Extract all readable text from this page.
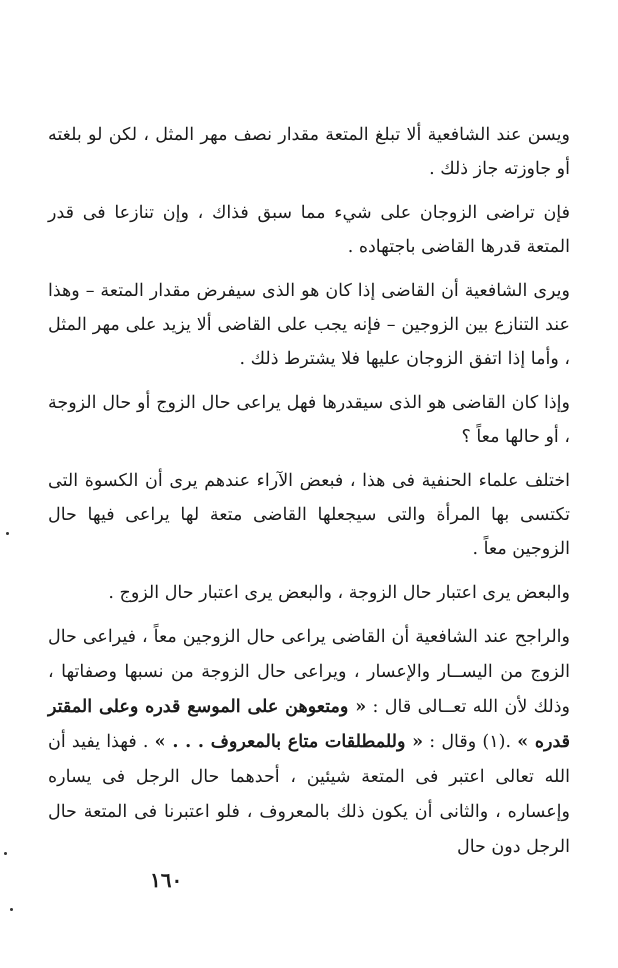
ويسن عند الشافعية ألا تبلغ المتعة مقدار نصف مهر المثل ، لكن لو بلغته أو جاوزته جاز ذلك .

فإن تراضى الزوجان على شيء مما سبق فذاك ، وإن تنازعا فى قدر المتعة قدرها القاضى باجتهاده .

ويرى الشافعية أن القاضى إذا كان هو الذى سيفرض مقدار المتعة – وهذا عند التنازع بين الزوجين – فإنه يجب على القاضى ألا يزيد على مهر المثل ، وأما إذا اتفق الزوجان عليها فلا يشترط ذلك .

وإذا كان القاضى هو الذى سيقدرها فهل يراعى حال الزوج أو حال الزوجة ، أو حالها معاً ؟

اختلف علماء الحنفية فى هذا ، فبعض الآراء عندهم يرى أن الكسوة التى تكتسى بها المرأة والتى سيجعلها القاضى متعة لها يراعى فيها حال الزوجين معاً .

والبعض يرى اعتبار حال الزوجة ، والبعض يرى اعتبار حال الزوج .

والراجح عند الشافعية أن القاضى يراعى حال الزوجين معاً ، فيراعى حال الزوج من اليســار والإعسار ، ويراعى حال الزوجة من نسبها وصفاتها ، وذلك لأن الله تعــالى قال : « ومتعوهن على الموسع قدره وعلى المقتر قدره » .(١) وقال : « وللمطلقات متاع بالمعروف . . . » . فهذا يفيد أن الله تعالى اعتبر فى المتعة شيئين ، أحدهما حال الرجل فى يساره وإعساره ، والثانى أن يكون ذلك بالمعروف ، فلو اعتبرنا فى المتعة حال الرجل دون حال

١٦٠
